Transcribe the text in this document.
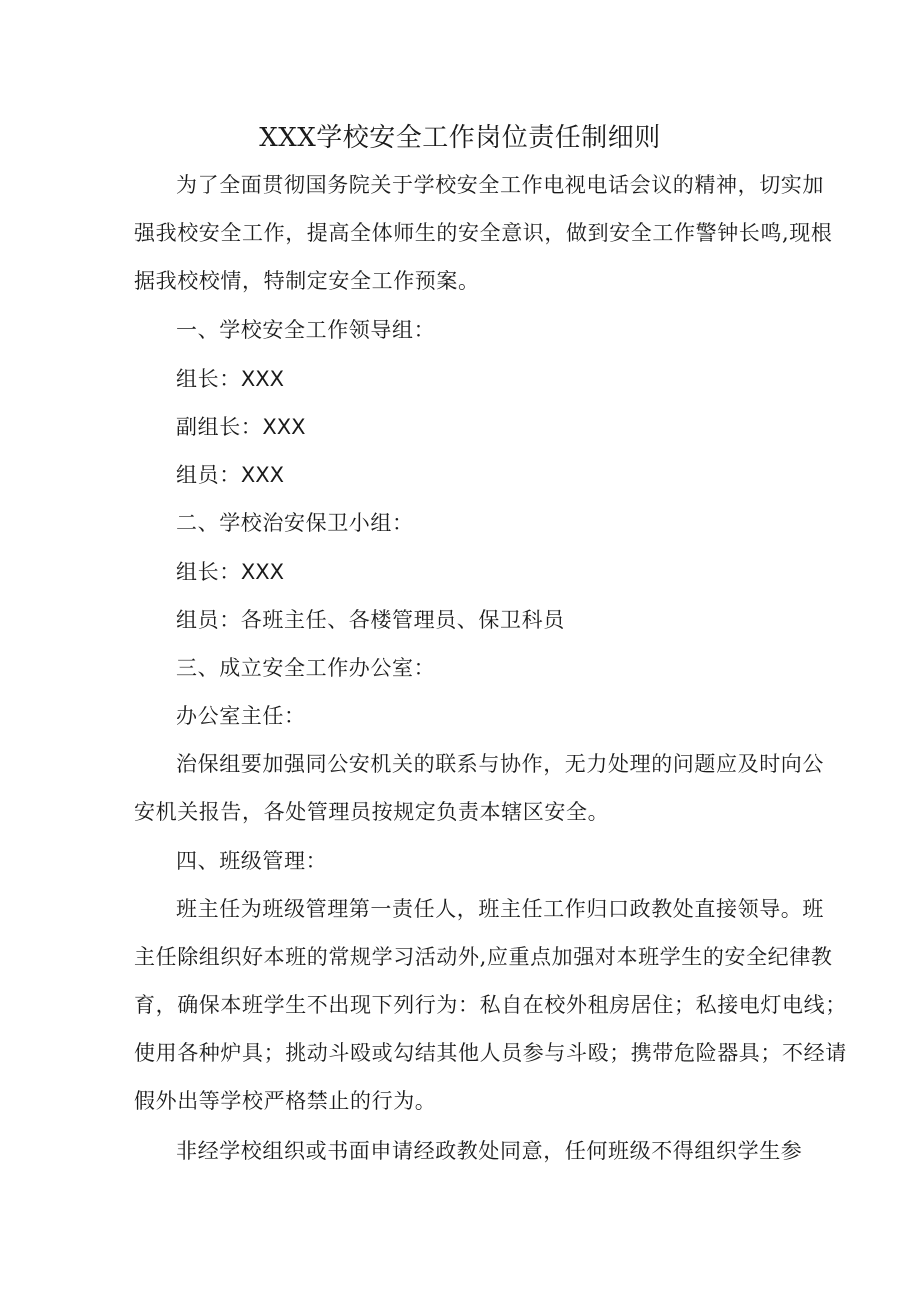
XXX学校安全工作岗位责任制细则

为了全面贯彻国务院关于学校安全工作电视电话会议的精神，切实加

强我校安全工作，提高全体师生的安全意识，做到安全工作警钟长鸣,现根

据我校校情，特制定安全工作预案。

一、学校安全工作领导组：

组长：XXX

副组长：XXX

组员：XXX

二、学校治安保卫小组：

组长：XXX

组员：各班主任、各楼管理员、保卫科员

三、成立安全工作办公室：

办公室主任：

治保组要加强同公安机关的联系与协作，无力处理的问题应及时向公

安机关报告，各处管理员按规定负责本辖区安全。

四、班级管理：

班主任为班级管理第一责任人，班主任工作归口政教处直接领导。班

主任除组织好本班的常规学习活动外,应重点加强对本班学生的安全纪律教

育，确保本班学生不出现下列行为：私自在校外租房居住；私接电灯电线；

使用各种炉具；挑动斗殴或勾结其他人员参与斗殴；携带危险器具；不经请

假外出等学校严格禁止的行为。

非经学校组织或书面申请经政教处同意，任何班级不得组织学生参
